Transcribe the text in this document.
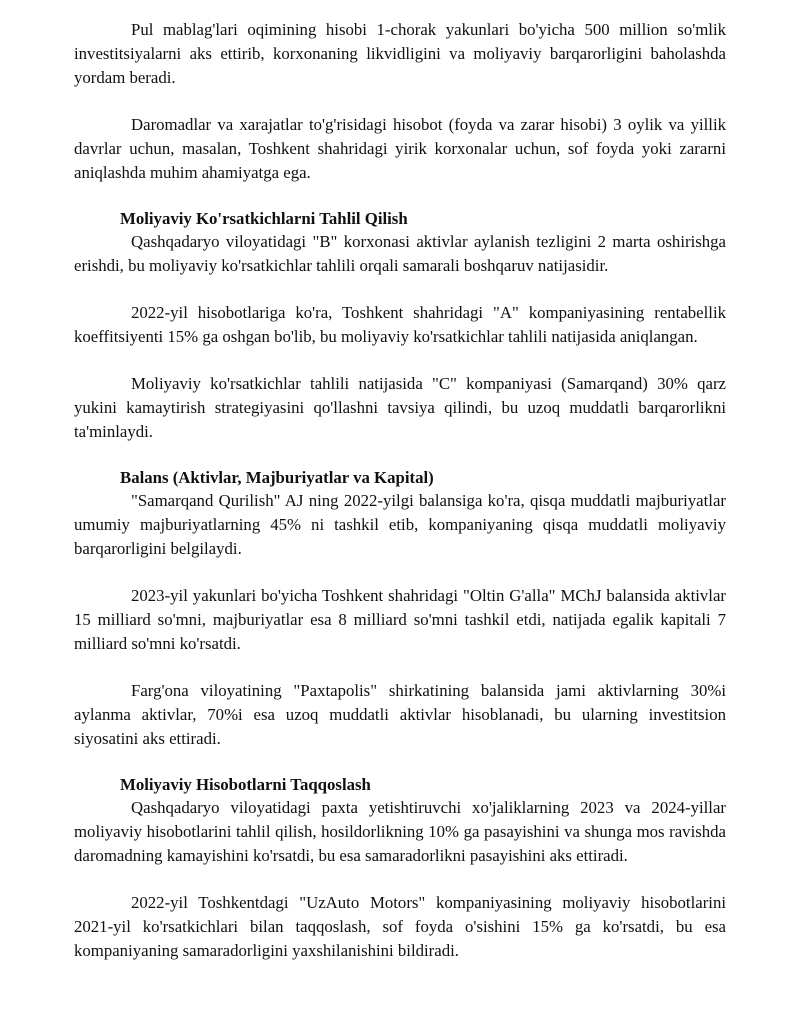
Pul mablag'lari oqimining hisobi 1-chorak yakunlari bo'yicha 500 million so'mlik investitsiyalarni aks ettirib, korxonaning likvidligini va moliyaviy barqarorligini baholashda yordam beradi.

Daromadlar va xarajatlar to'g'risidagi hisobot (foyda va zarar hisobi) 3 oylik va yillik davrlar uchun, masalan, Toshkent shahridagi yirik korxonalar uchun, sof foyda yoki zararni aniqlashda muhim ahamiyatga ega.

Moliyaviy Ko'rsatkichlarni Tahlil Qilish

Qashqadaryo viloyatidagi "B" korxonasi aktivlar aylanish tezligini 2 marta oshirishga erishdi, bu moliyaviy ko'rsatkichlar tahlili orqali samarali boshqaruv natijasidir.

2022-yil hisobotlariga ko'ra, Toshkent shahridagi "A" kompaniyasining rentabellik koeffitsiyenti 15% ga oshgan bo'lib, bu moliyaviy ko'rsatkichlar tahlili natijasida aniqlangan.

Moliyaviy ko'rsatkichlar tahlili natijasida "C" kompaniyasi (Samarqand) 30% qarz yukini kamaytirish strategiyasini qo'llashni tavsiya qilindi, bu uzoq muddatli barqarorlikni ta'minlaydi.

Balans (Aktivlar, Majburiyatlar va Kapital)

"Samarqand Qurilish" AJ ning 2022-yilgi balansiga ko'ra, qisqa muddatli majburiyatlar umumiy majburiyatlarning 45% ni tashkil etib, kompaniyaning qisqa muddatli moliyaviy barqarorligini belgilaydi.

2023-yil yakunlari bo'yicha Toshkent shahridagi "Oltin G'alla" MChJ balansida aktivlar 15 milliard so'mni, majburiyatlar esa 8 milliard so'mni tashkil etdi, natijada egalik kapitali 7 milliard so'mni ko'rsatdi.

Farg'ona viloyatining "Paxtapolis" shirkatining balansida jami aktivlarning 30%i aylanma aktivlar, 70%i esa uzoq muddatli aktivlar hisoblanadi, bu ularning investitsion siyosatini aks ettiradi.

Moliyaviy Hisobotlarni Taqqoslash

Qashqadaryo viloyatidagi paxta yetishtiruvchi xo'jaliklarning 2023 va 2024-yillar moliyaviy hisobotlarini tahlil qilish, hosildorlikning 10% ga pasayishini va shunga mos ravishda daromadning kamayishini ko'rsatdi, bu esa samaradorlikni pasayishini aks ettiradi.

2022-yil Toshkentdagi "UzAuto Motors" kompaniyasining moliyaviy hisobotlarini 2021-yil ko'rsatkichlari bilan taqqoslash, sof foyda o'sishini 15% ga ko'rsatdi, bu esa kompaniyaning samaradorligini yaxshilanishini bildiradi.
